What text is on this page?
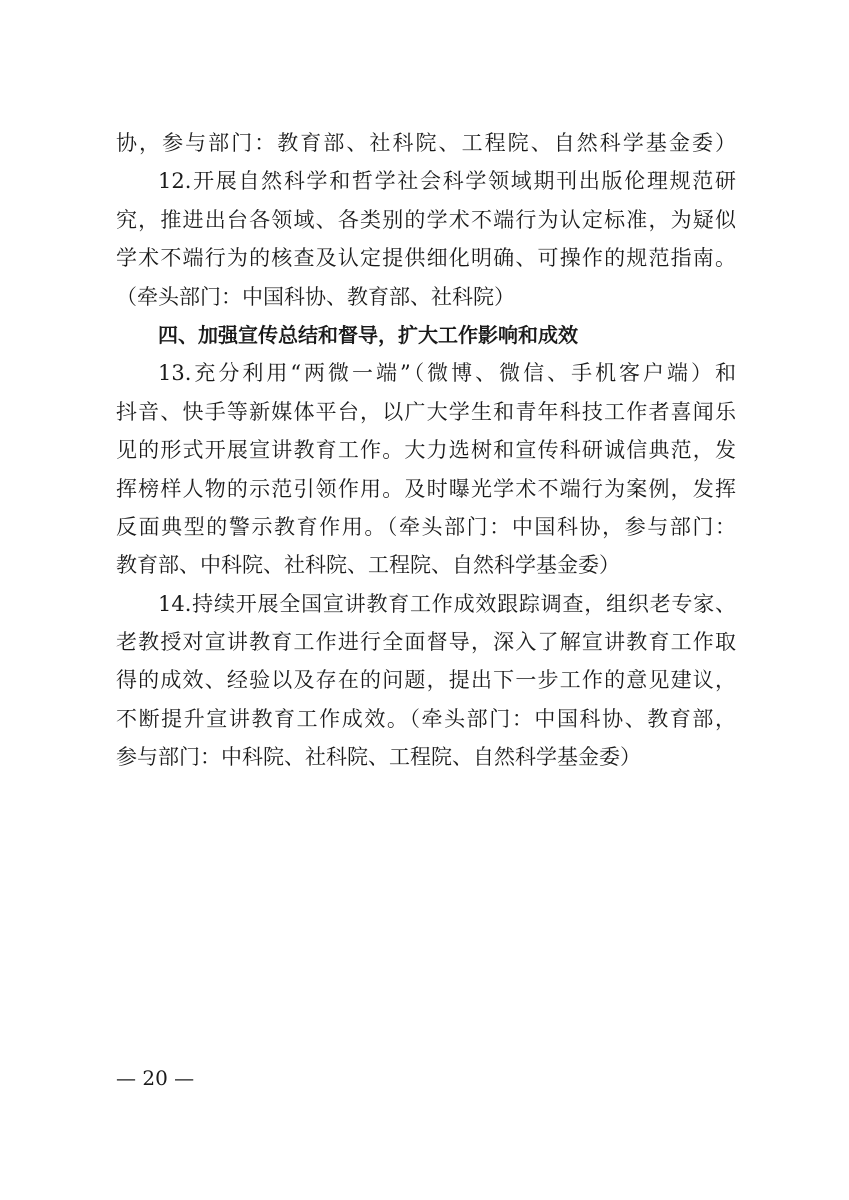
协，参与部门：教育部、社科院、工程院、自然科学基金委）
12.开展自然科学和哲学社会科学领域期刊出版伦理规范研
究，推进出台各领域、各类别的学术不端行为认定标准，为疑似
学术不端行为的核查及认定提供细化明确、可操作的规范指南。
（牵头部门：中国科协、教育部、社科院）
四、加强宣传总结和督导，扩大工作影响和成效
13.充分利用“两微一端”（微博、微信、手机客户端）和
抖音、快手等新媒体平台，以广大学生和青年科技工作者喜闻乐
见的形式开展宣讲教育工作。大力选树和宣传科研诚信典范，发
挥榜样人物的示范引领作用。及时曝光学术不端行为案例，发挥
反面典型的警示教育作用。（牵头部门：中国科协，参与部门：
教育部、中科院、社科院、工程院、自然科学基金委）
14.持续开展全国宣讲教育工作成效跟踪调查，组织老专家、
老教授对宣讲教育工作进行全面督导，深入了解宣讲教育工作取
得的成效、经验以及存在的问题，提出下一步工作的意见建议，
不断提升宣讲教育工作成效。（牵头部门：中国科协、教育部，
参与部门：中科院、社科院、工程院、自然科学基金委）
— 20 —
